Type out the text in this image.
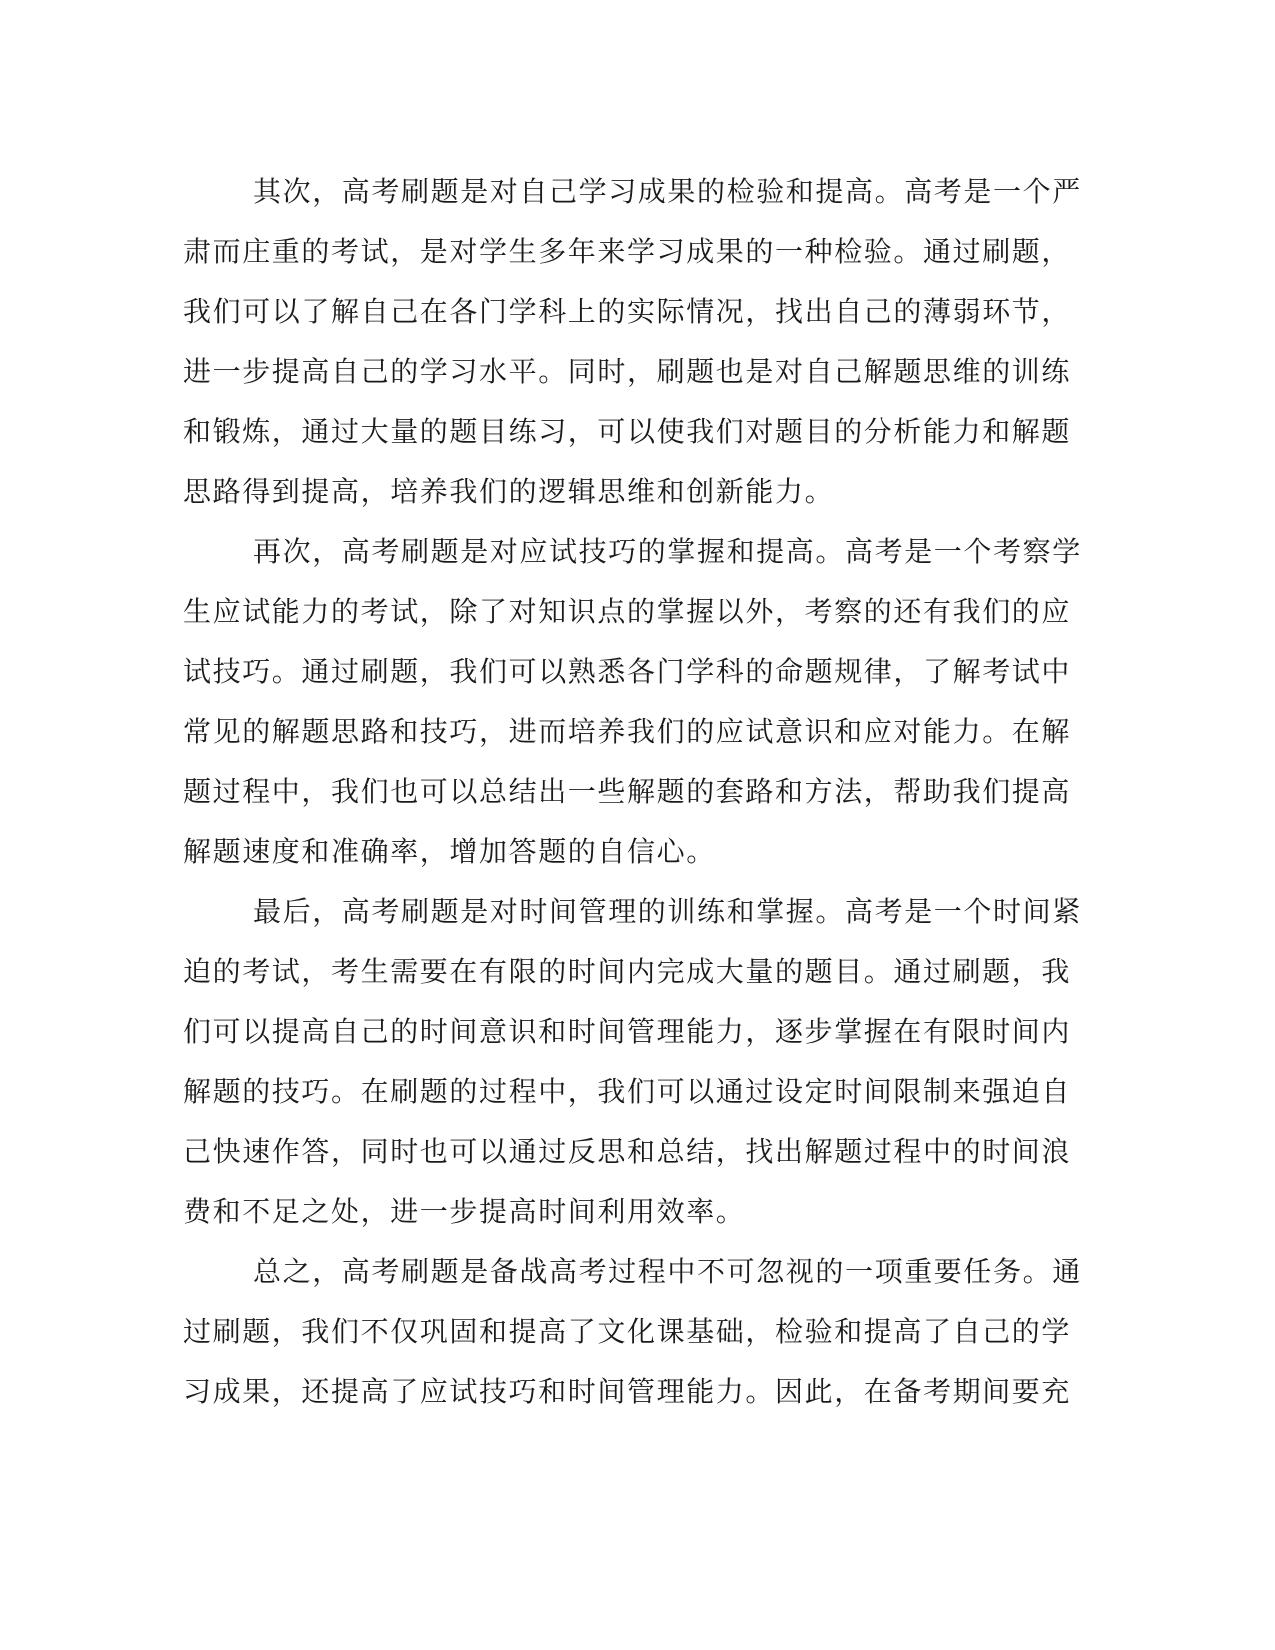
其次，高考刷题是对自己学习成果的检验和提高。高考是一个严

肃而庄重的考试，是对学生多年来学习成果的一种检验。通过刷题，

我们可以了解自己在各门学科上的实际情况，找出自己的薄弱环节，

进一步提高自己的学习水平。同时，刷题也是对自己解题思维的训练

和锻炼，通过大量的题目练习，可以使我们对题目的分析能力和解题

思路得到提高，培养我们的逻辑思维和创新能力。

再次，高考刷题是对应试技巧的掌握和提高。高考是一个考察学

生应试能力的考试，除了对知识点的掌握以外，考察的还有我们的应

试技巧。通过刷题，我们可以熟悉各门学科的命题规律，了解考试中

常见的解题思路和技巧，进而培养我们的应试意识和应对能力。在解

题过程中，我们也可以总结出一些解题的套路和方法，帮助我们提高

解题速度和准确率，增加答题的自信心。

最后，高考刷题是对时间管理的训练和掌握。高考是一个时间紧

迫的考试，考生需要在有限的时间内完成大量的题目。通过刷题，我

们可以提高自己的时间意识和时间管理能力，逐步掌握在有限时间内

解题的技巧。在刷题的过程中，我们可以通过设定时间限制来强迫自

己快速作答，同时也可以通过反思和总结，找出解题过程中的时间浪

费和不足之处，进一步提高时间利用效率。

总之，高考刷题是备战高考过程中不可忽视的一项重要任务。通

过刷题，我们不仅巩固和提高了文化课基础，检验和提高了自己的学

习成果，还提高了应试技巧和时间管理能力。因此，在备考期间要充
